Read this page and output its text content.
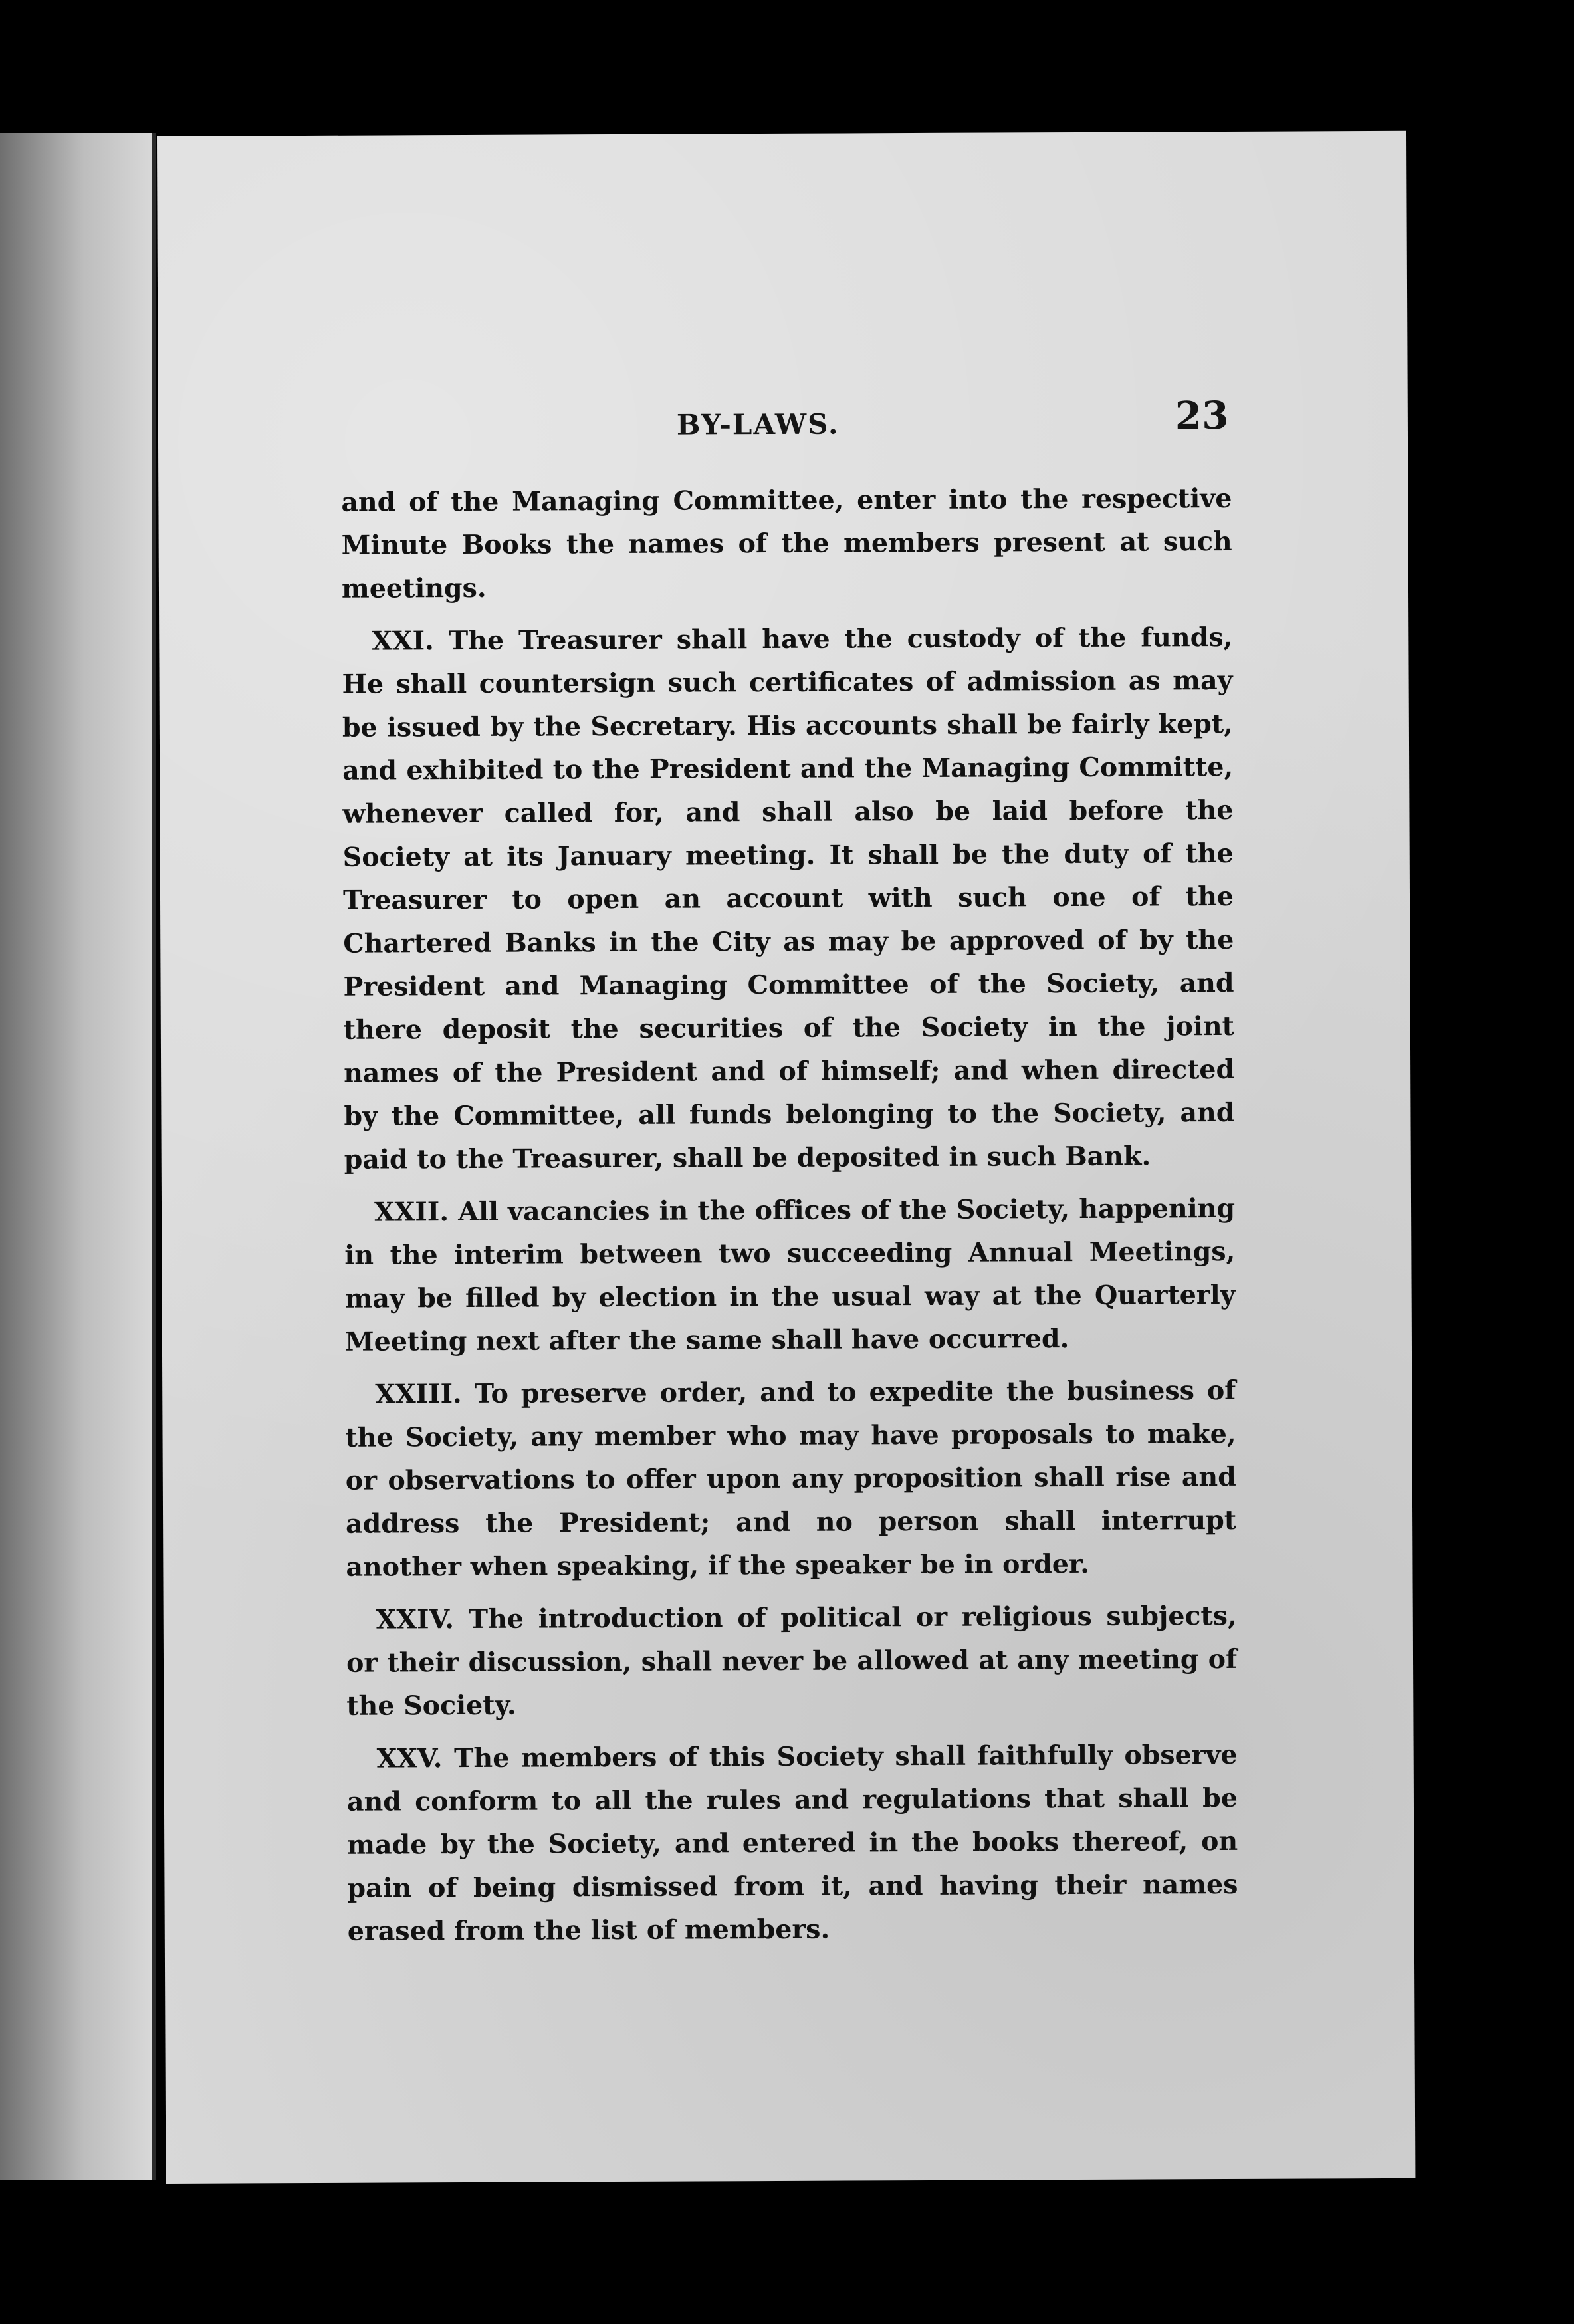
BY-LAWS.	23

and of the Managing Committee, enter into the respective Minute Books the names of the members present at such meetings.

XXI. The Treasurer shall have the custody of the funds, He shall countersign such certificates of admission as may be issued by the Secretary. His accounts shall be fairly kept, and exhibited to the President and the Managing Committe, whenever called for, and shall also be laid before the Society at its January meeting. It shall be the duty of the Treasurer to open an account with such one of the Chartered Banks in the City as may be approved of by the President and Managing Committee of the Society, and there deposit the securities of the Society in the joint names of the President and of himself; and when directed by the Committee, all funds belonging to the Society, and paid to the Treasurer, shall be deposited in such Bank.

XXII. All vacancies in the offices of the Society, happening in the interim between two succeeding Annual Meetings, may be filled by election in the usual way at the Quarterly Meeting next after the same shall have occurred.

XXIII. To preserve order, and to expedite the business of the Society, any member who may have proposals to make, or observations to offer upon any proposition shall rise and address the President; and no person shall interrupt another when speaking, if the speaker be in order.

XXIV. The introduction of political or religious subjects, or their discussion, shall never be allowed at any meeting of the Society.

XXV. The members of this Society shall faithfully observe and conform to all the rules and regulations that shall be made by the Society, and entered in the books thereof, on pain of being dismissed from it, and having their names erased from the list of members.
